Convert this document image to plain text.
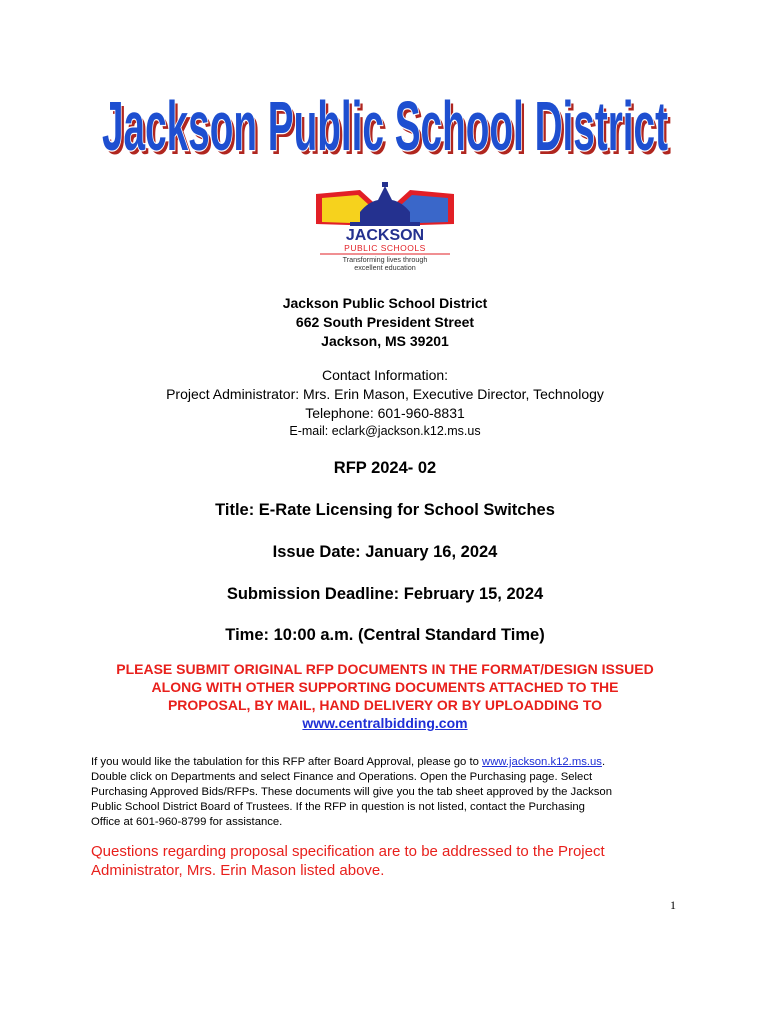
Jackson Public School District
Jackson Public School District
JACKSON
PUBLIC SCHOOLS
Transforming lives through
excellent education
Jackson Public School District
662 South President Street
Jackson, MS 39201
Contact Information:
Project Administrator: Mrs. Erin Mason, Executive Director, Technology
Telephone: 601-960-8831
E-mail: eclark@jackson.k12.ms.us
RFP 2024- 02
Title: E-Rate Licensing for School Switches
Issue Date: January 16, 2024
Submission Deadline: February 15, 2024
Time: 10:00 a.m. (Central Standard Time)
PLEASE SUBMIT ORIGINAL RFP DOCUMENTS IN THE FORMAT/DESIGN ISSUED
ALONG WITH OTHER SUPPORTING DOCUMENTS ATTACHED TO THE
PROPOSAL, BY MAIL, HAND DELIVERY OR BY UPLOADDING TO
www.centralbidding.com
If you would like the tabulation for this RFP after Board Approval, please go to www.jackson.k12.ms.us.
Double click on Departments and select Finance and Operations. Open the Purchasing page. Select
Purchasing Approved Bids/RFPs. These documents will give you the tab sheet approved by the Jackson
Public School District Board of Trustees. If the RFP in question is not listed, contact the Purchasing
Office at 601-960-8799 for assistance.
Questions regarding proposal specification are to be addressed to the Project
Administrator, Mrs. Erin Mason listed above.
1
